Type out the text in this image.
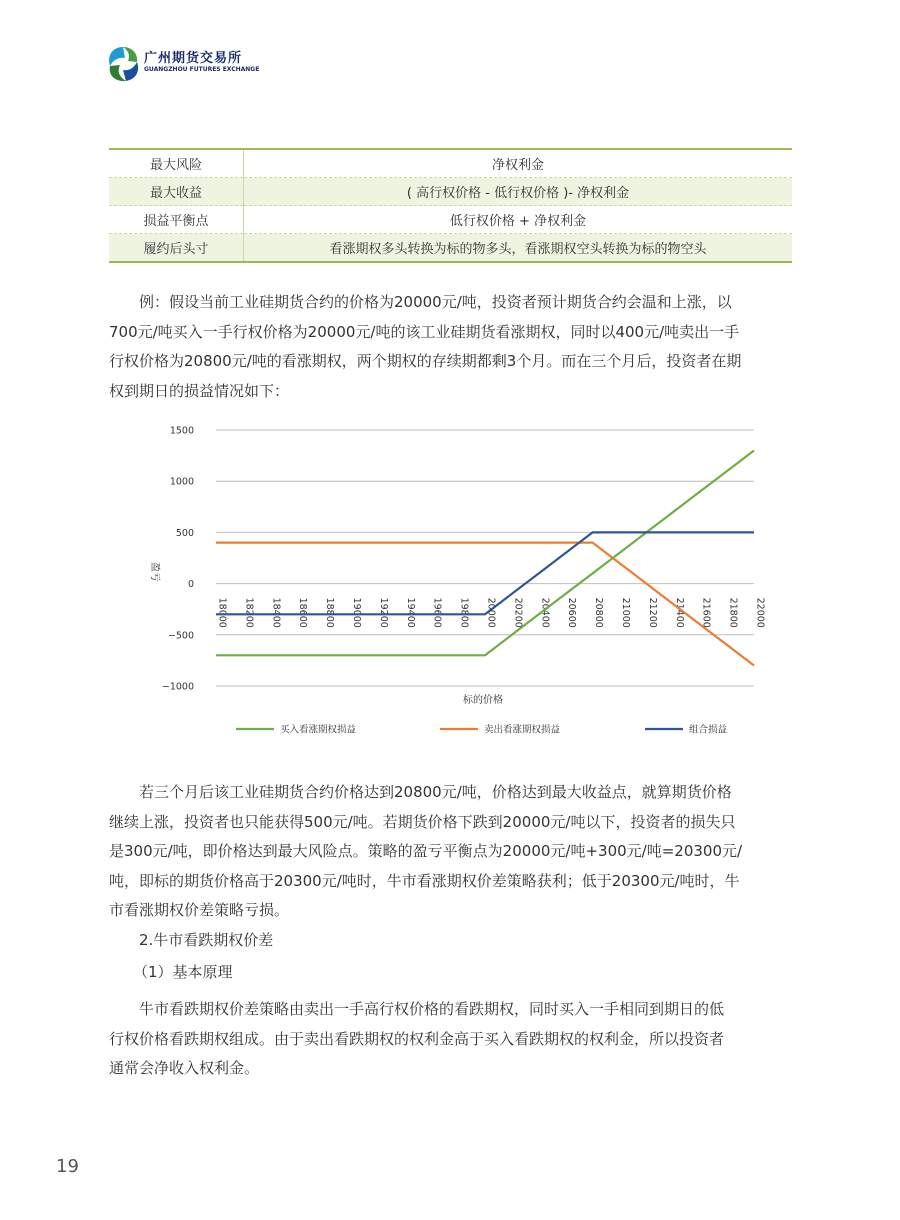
广州期货交易所
GUANGZHOU FUTURES EXCHANGE
最大风险	净权利金
最大收益	( 高行权价格 - 低行权价格 )- 净权利金
损益平衡点	低行权价格 + 净权利金
履约后头寸	看涨期权多头转换为标的物多头，看涨期权空头转换为标的物空头
例：假设当前工业硅期货合约的价格为20000元/吨，投资者预计期货合约会温和上涨，以
700元/吨买入一手行权价格为20000元/吨的该工业硅期货看涨期权，同时以400元/吨卖出一手
行权价格为20800元/吨的看涨期权，两个期权的存续期都剩3个月。而在三个月后，投资者在期
权到期日的损益情况如下：
1500
1000
500
0
−500
−1000
18000 18200 18400 18600 18800 19000 19200 19400 19600 19800 20000 20200 20400 20600 20800 21000 21200 21400 21600 21800 22000
盈亏
标的价格
买入看涨期权损益	卖出看涨期权损益	组合损益
若三个月后该工业硅期货合约价格达到20800元/吨，价格达到最大收益点，就算期货价格
继续上涨，投资者也只能获得500元/吨。若期货价格下跌到20000元/吨以下，投资者的损失只
是300元/吨，即价格达到最大风险点。策略的盈亏平衡点为20000元/吨+300元/吨=20300元/
吨，即标的期货价格高于20300元/吨时，牛市看涨期权价差策略获利；低于20300元/吨时，牛
市看涨期权价差策略亏损。
2.牛市看跌期权价差
（1）基本原理
牛市看跌期权价差策略由卖出一手高行权价格的看跌期权，同时买入一手相同到期日的低
行权价格看跌期权组成。由于卖出看跌期权的权利金高于买入看跌期权的权利金，所以投资者
通常会净收入权利金。
19
